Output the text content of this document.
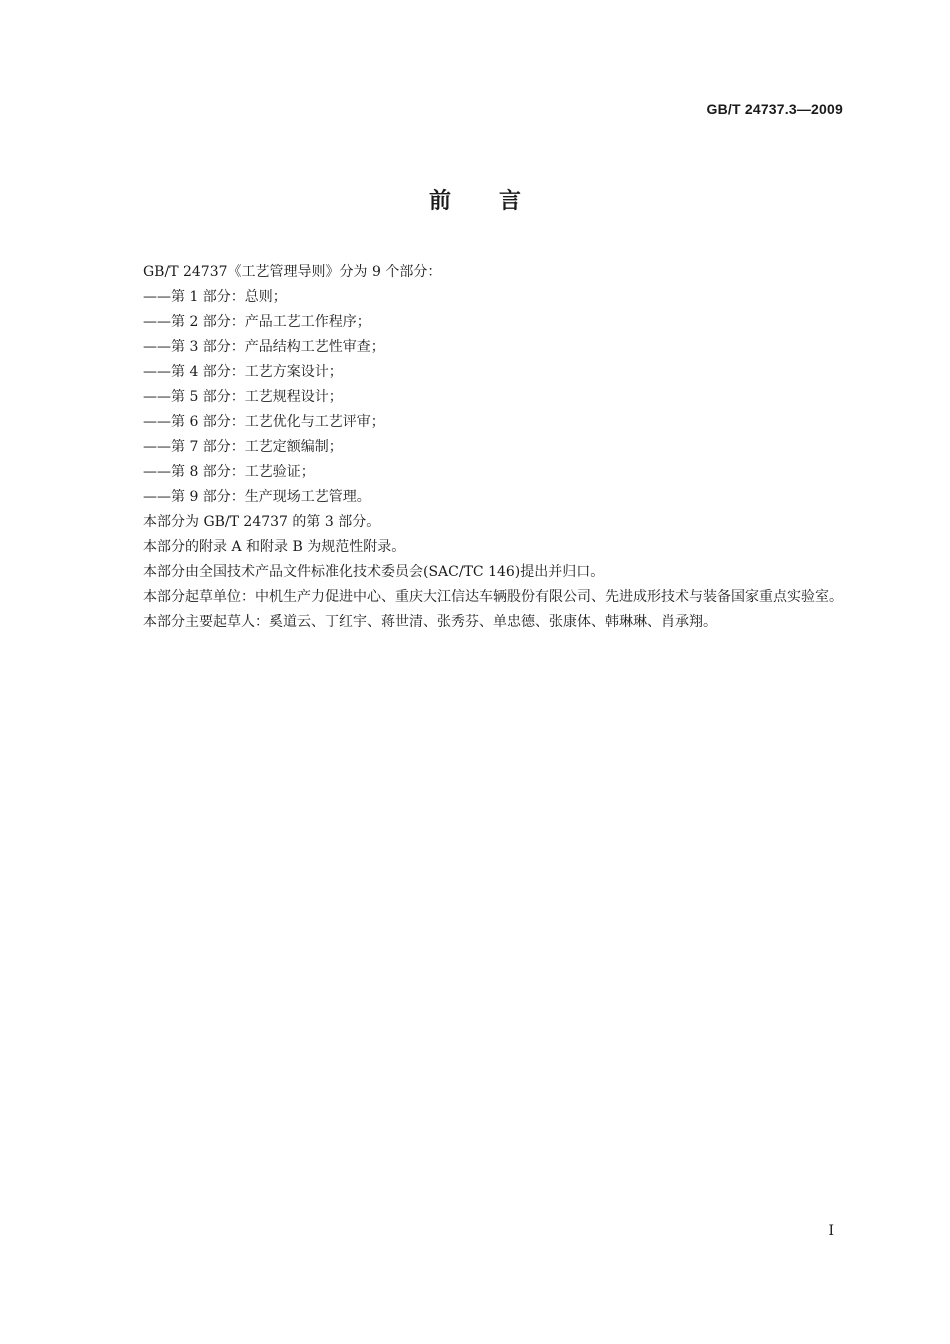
GB/T 24737.3—2009
前言

GB/T 24737《工艺管理导则》分为 9 个部分：

——第 1 部分：总则；

——第 2 部分：产品工艺工作程序；

——第 3 部分：产品结构工艺性审查；

——第 4 部分：工艺方案设计；

——第 5 部分：工艺规程设计；

——第 6 部分：工艺优化与工艺评审；

——第 7 部分：工艺定额编制；

——第 8 部分：工艺验证；

——第 9 部分：生产现场工艺管理。

本部分为 GB/T 24737 的第 3 部分。

本部分的附录 A 和附录 B 为规范性附录。

本部分由全国技术产品文件标准化技术委员会(SAC/TC 146)提出并归口。

本部分起草单位：中机生产力促进中心、重庆大江信达车辆股份有限公司、先进成形技术与装备国家重点实验室。

本部分主要起草人：奚道云、丁红宇、蒋世清、张秀芬、单忠德、张康体、韩琳琳、肖承翔。

I
